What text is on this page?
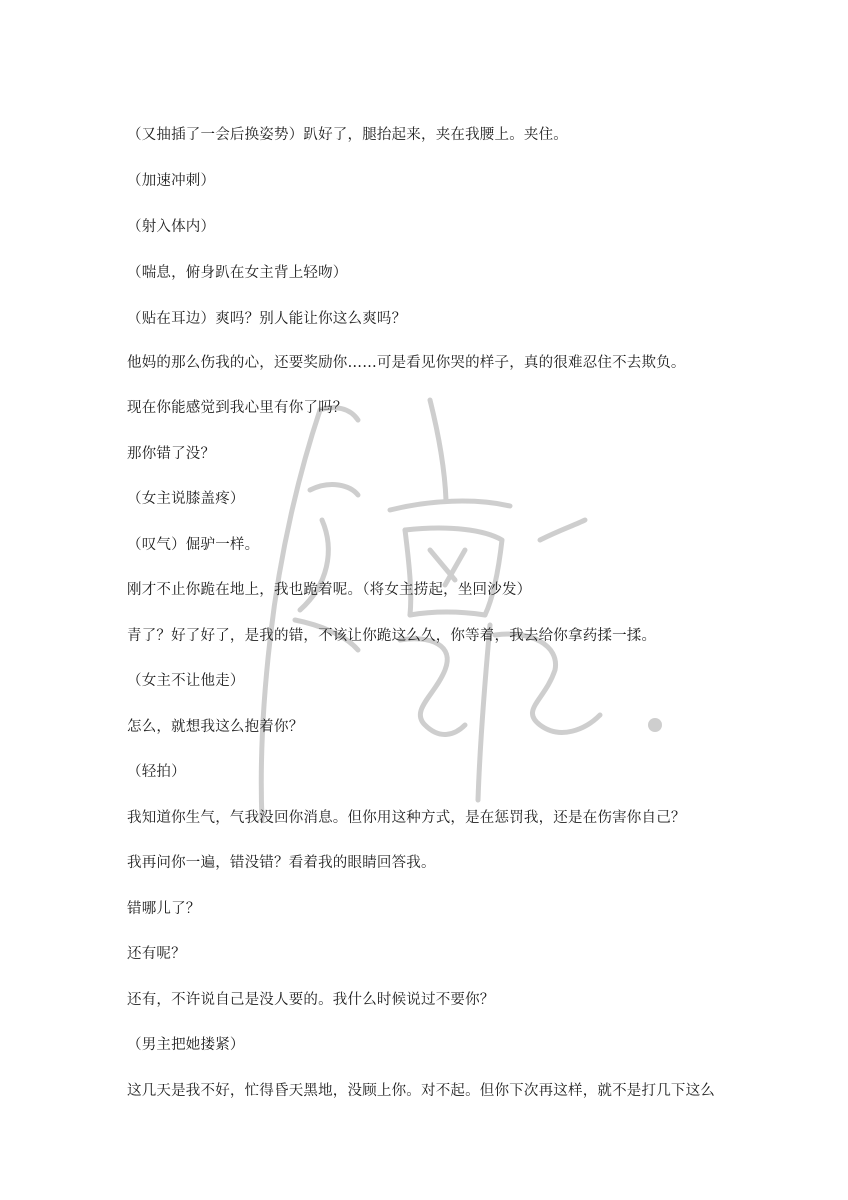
（又抽插了一会后换姿势）趴好了，腿抬起来，夹在我腰上。夹住。
（加速冲刺）
（射入体内）
（喘息，俯身趴在女主背上轻吻）
（贴在耳边）爽吗？别人能让你这么爽吗？
他妈的那么伤我的心，还要奖励你……可是看见你哭的样子，真的很难忍住不去欺负。
现在你能感觉到我心里有你了吗？
那你错了没？
（女主说膝盖疼）
（叹气）倔驴一样。
刚才不止你跪在地上，我也跪着呢。（将女主捞起，坐回沙发）
青了？好了好了，是我的错，不该让你跪这么久，你等着，我去给你拿药揉一揉。
（女主不让他走）
怎么，就想我这么抱着你？
（轻拍）
我知道你生气，气我没回你消息。但你用这种方式，是在惩罚我，还是在伤害你自己？
我再问你一遍，错没错？看着我的眼睛回答我。
错哪儿了？
还有呢？
还有，不许说自己是没人要的。我什么时候说过不要你？
（男主把她搂紧）
这几天是我不好，忙得昏天黑地，没顾上你。对不起。但你下次再这样，就不是打几下这么
